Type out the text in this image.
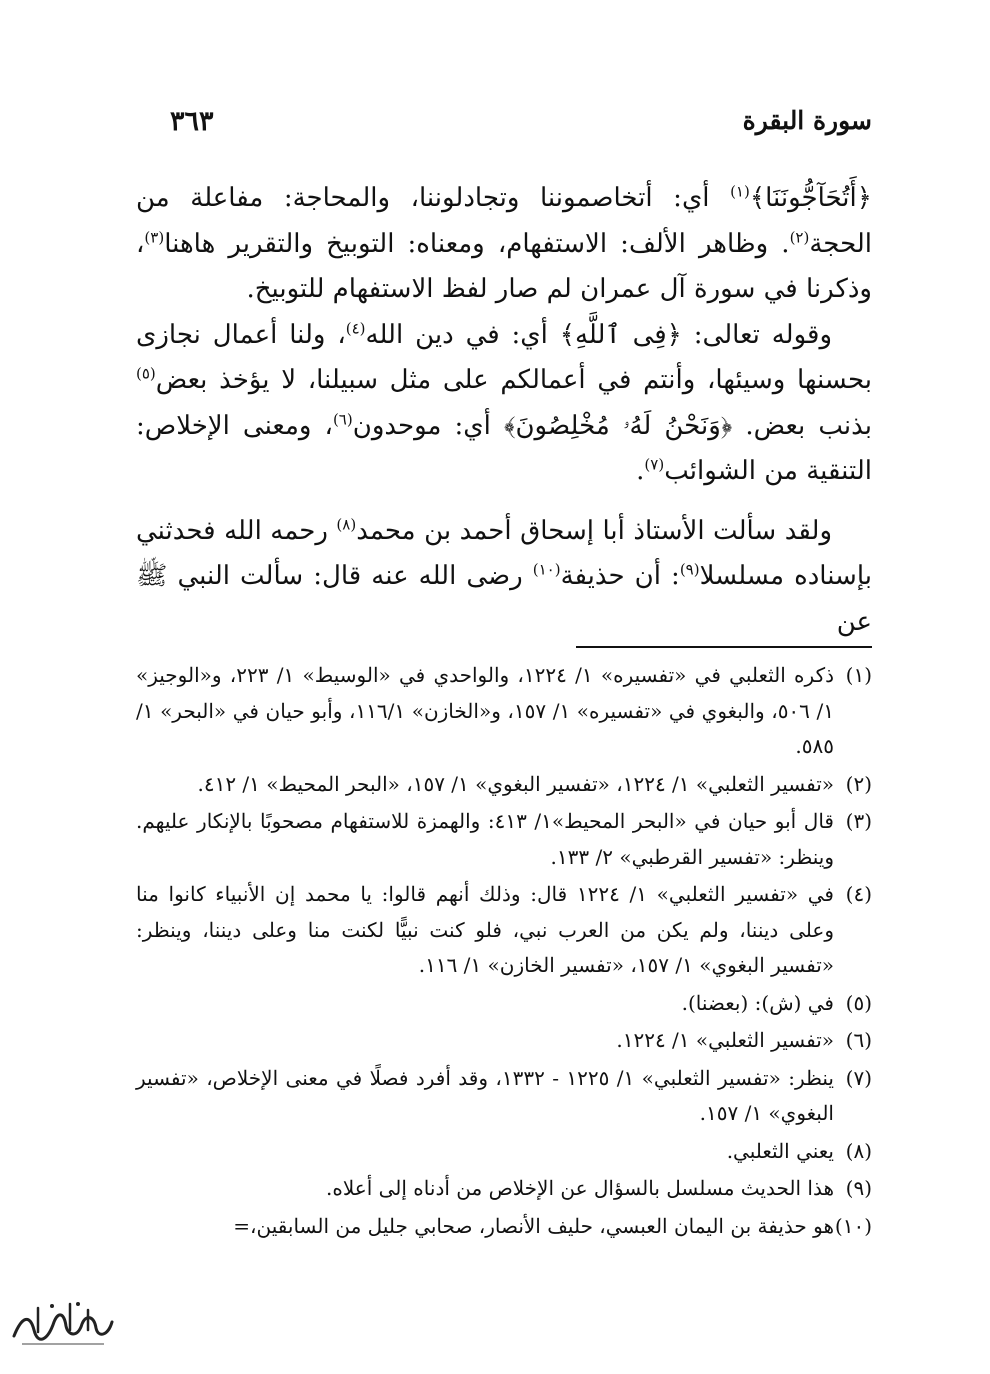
سورة البقرة
٣٦٣

﴿أَتُحَآجُّونَنَا﴾$^{(١)}$ أي: أتخاصموننا وتجادلوننا، والمحاجة: مفاعلة من الحجة$^{(٢)}$. وظاهر الألف: الاستفهام، ومعناه: التوبيخ والتقرير هاهنا$^{(٣)}$، وذكرنا في سورة آل عمران لم صار لفظ الاستفهام للتوبيخ.

وقوله تعالى: ﴿فِى ٱللَّهِ﴾ أي: في دين الله$^{(٤)}$، ولنا أعمال نجازى بحسنها وسيئها، وأنتم في أعمالكم على مثل سبيلنا، لا يؤخذ بعض$^{(٥)}$ بذنب بعض. ﴿وَنَحْنُ لَهُۥ مُخْلِصُونَ﴾ أي: موحدون$^{(٦)}$، ومعنى الإخلاص: التنقية من الشوائب$^{(٧)}$.

ولقد سألت الأستاذ أبا إسحاق أحمد بن محمد$^{(٨)}$ رحمه الله فحدثني بإسناده مسلسلا$^{(٩)}$: أن حذيفة$^{(١٠)}$ رضى الله عنه قال: سألت النبي ﷺ عن

(١)
ذكره الثعلبي في «تفسيره» ١/ ١٢٢٤، والواحدي في «الوسيط» ١/ ٢٢٣، و«الوجيز» ١/ ٥٠٦، والبغوي في «تفسيره» ١/ ١٥٧، و«الخازن» ١١٦/١، وأبو حيان في «البحر» ١/ ٥٨٥.
(٢)
«تفسير الثعلبي» ١/ ١٢٢٤، «تفسير البغوي» ١/ ١٥٧، «البحر المحيط» ١/ ٤١٢.
(٣)
قال أبو حيان في «البحر المحيط»١/ ٤١٣: والهمزة للاستفهام مصحوبًا بالإنكار عليهم. وينظر: «تفسير القرطبي» ٢/ ١٣٣.
(٤)
في «تفسير الثعلبي» ١/ ١٢٢٤ قال: وذلك أنهم قالوا: يا محمد إن الأنبياء كانوا منا وعلى ديننا، ولم يكن من العرب نبي، فلو كنت نبيًّا لكنت منا وعلى ديننا، وينظر: «تفسير البغوي» ١/ ١٥٧، «تفسير الخازن» ١/ ١١٦.
(٥)
في (ش): (بعضنا).
(٦)
«تفسير الثعلبي» ١/ ١٢٢٤.
(٧)
ينظر: «تفسير الثعلبي» ١/ ١٢٢٥ - ١٣٣٢، وقد أفرد فصلًا في معنى الإخلاص، «تفسير البغوي» ١/ ١٥٧.
(٨)
يعني الثعلبي.
(٩)
هذا الحديث مسلسل بالسؤال عن الإخلاص من أدناه إلى أعلاه.
(١٠)
هو حذيفة بن اليمان العبسي، حليف الأنصار، صحابي جليل من السابقين،=
